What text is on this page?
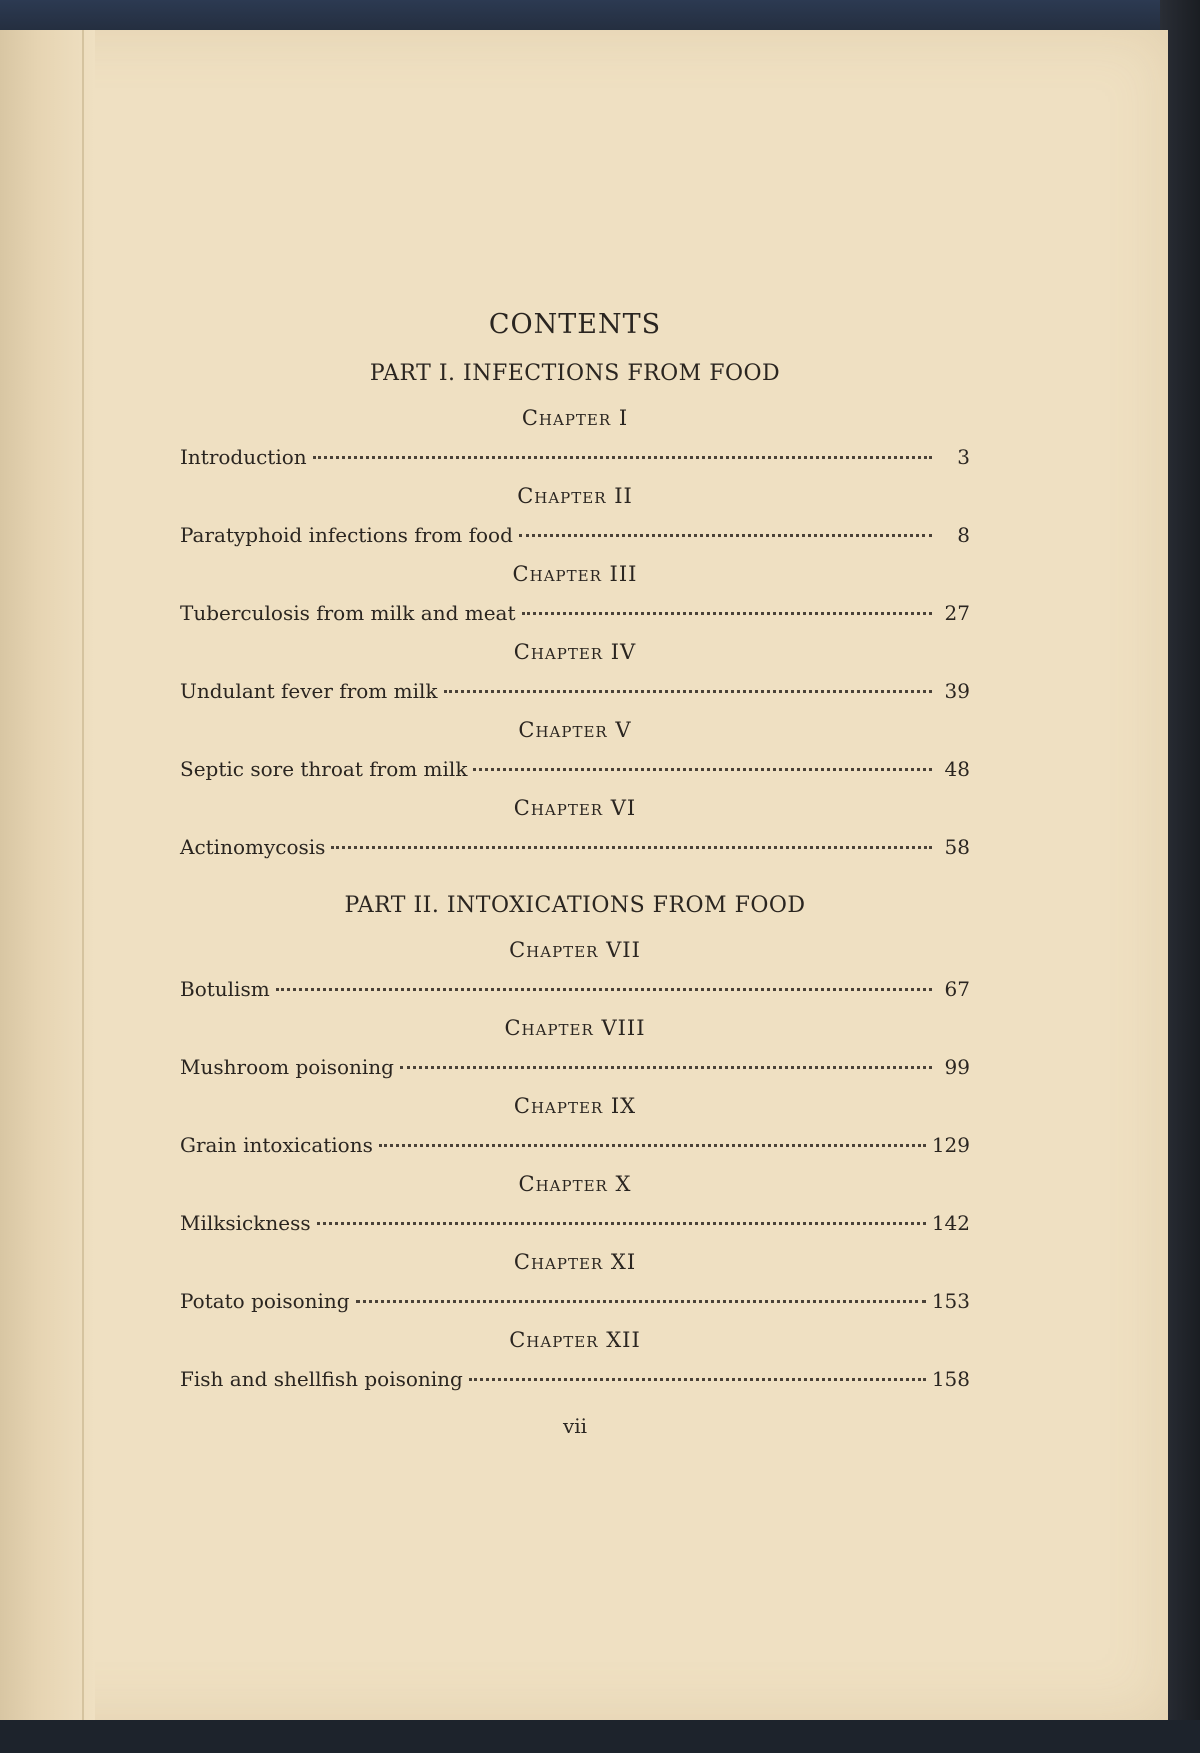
CONTENTS
PART I. INFECTIONS FROM FOOD
Chapter I
Introduction	3
Chapter II
Paratyphoid infections from food	8
Chapter III
Tuberculosis from milk and meat	27
Chapter IV
Undulant fever from milk	39
Chapter V
Septic sore throat from milk	48
Chapter VI
Actinomycosis	58
PART II. INTOXICATIONS FROM FOOD
Chapter VII
Botulism	67
Chapter VIII
Mushroom poisoning	99
Chapter IX
Grain intoxications	129
Chapter X
Milksickness	142
Chapter XI
Potato poisoning	153
Chapter XII
Fish and shellfish poisoning	158
vii
